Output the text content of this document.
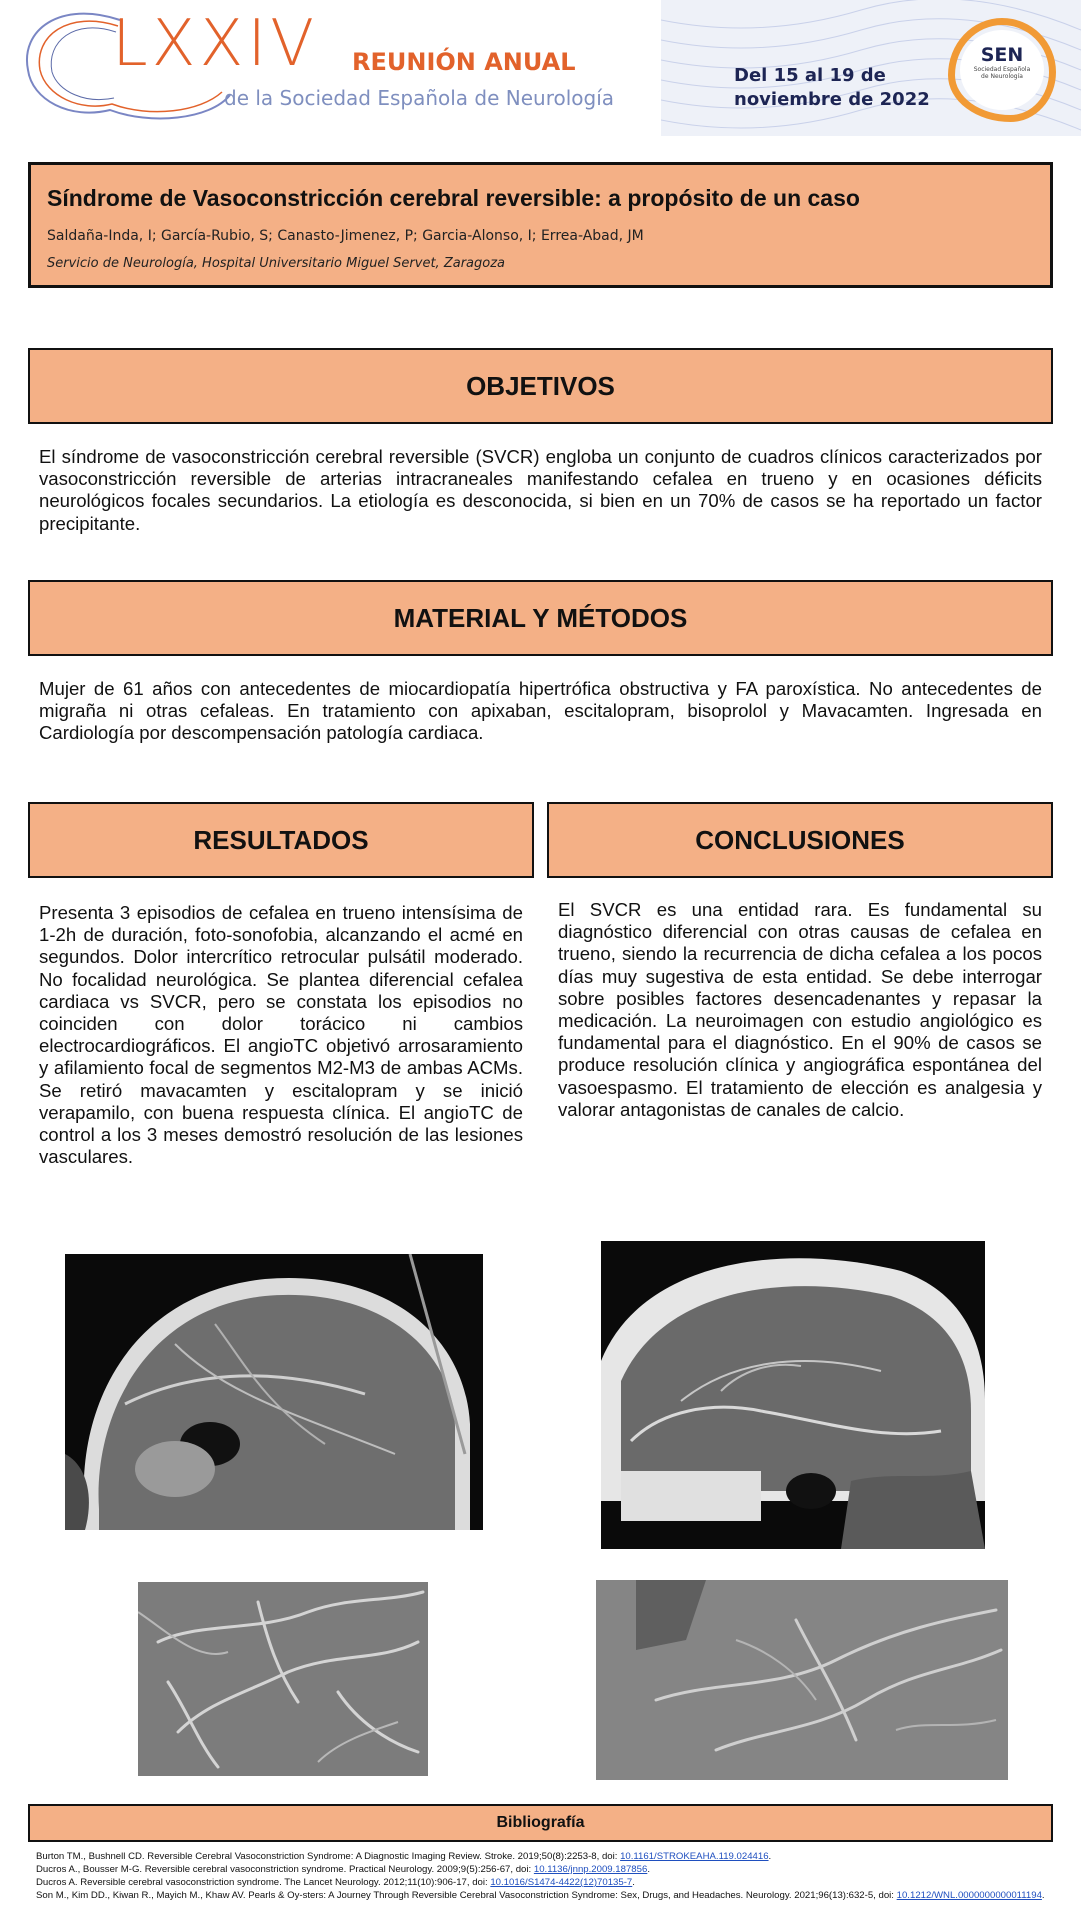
LXXIV REUNIÓN ANUAL
de la Sociedad Española de Neurología
Del 15 al 19 de
noviembre de 2022
SEN
Sociedad Española de Neurología
Síndrome de Vasoconstricción cerebral reversible: a propósito de un caso
Saldaña-Inda, I; García-Rubio, S; Canasto-Jimenez, P; Garcia-Alonso, I; Errea-Abad, JM
Servicio de Neurología, Hospital Universitario Miguel Servet, Zaragoza
OBJETIVOS
El síndrome de vasoconstricción cerebral reversible (SVCR) engloba un conjunto de cuadros clínicos caracterizados por vasoconstricción reversible de arterias intracraneales manifestando cefalea en trueno y en ocasiones déficits neurológicos focales secundarios. La etiología es desconocida, si bien en un 70% de casos se ha reportado un factor precipitante.
MATERIAL Y MÉTODOS
Mujer de 61 años con antecedentes de miocardiopatía hipertrófica obstructiva y FA paroxística. No antecedentes de migraña ni otras cefaleas. En tratamiento con apixaban, escitalopram, bisoprolol y Mavacamten. Ingresada en Cardiología por descompensación patología cardiaca.
RESULTADOS
Presenta 3 episodios de cefalea en trueno intensísima de 1-2h de duración, foto-sonofobia, alcanzando el acmé en segundos. Dolor intercrítico retrocular pulsátil moderado. No focalidad neurológica. Se plantea diferencial cefalea cardiaca vs SVCR, pero se constata los episodios no coinciden con dolor torácico ni cambios electrocardiográficos. El angioTC objetivó arrosaramiento y afilamiento focal de segmentos M2-M3 de ambas ACMs. Se retiró mavacamten y escitalopram y se inició verapamilo, con buena respuesta clínica. El angioTC de control a los 3 meses demostró resolución de las lesiones vasculares.
CONCLUSIONES
El SVCR es una entidad rara. Es fundamental su diagnóstico diferencial con otras causas de cefalea en trueno, siendo la recurrencia de dicha cefalea a los pocos días muy sugestiva de esta entidad. Se debe interrogar sobre posibles factores desencadenantes y repasar la medicación. La neuroimagen con estudio angiológico es fundamental para el diagnóstico. En el 90% de casos se produce resolución clínica y angiográfica espontánea del vasoespasmo. El tratamiento de elección es analgesia y valorar antagonistas de canales de calcio.
Bibliografía
Burton TM., Bushnell CD. Reversible Cerebral Vasoconstriction Syndrome: A Diagnostic Imaging Review. Stroke. 2019;50(8):2253-8, doi: 10.1161/STROKEAHA.119.024416.
Ducros A., Bousser M-G. Reversible cerebral vasoconstriction syndrome. Practical Neurology. 2009;9(5):256-67, doi: 10.1136/jnnp.2009.187856.
Ducros A. Reversible cerebral vasoconstriction syndrome. The Lancet Neurology. 2012;11(10):906-17, doi: 10.1016/S1474-4422(12)70135-7.
Son M., Kim DD., Kiwan R., Mayich M., Khaw AV. Pearls & Oy-sters: A Journey Through Reversible Cerebral Vasoconstriction Syndrome: Sex, Drugs, and Headaches. Neurology. 2021;96(13):632-5, doi: 10.1212/WNL.0000000000011194.
